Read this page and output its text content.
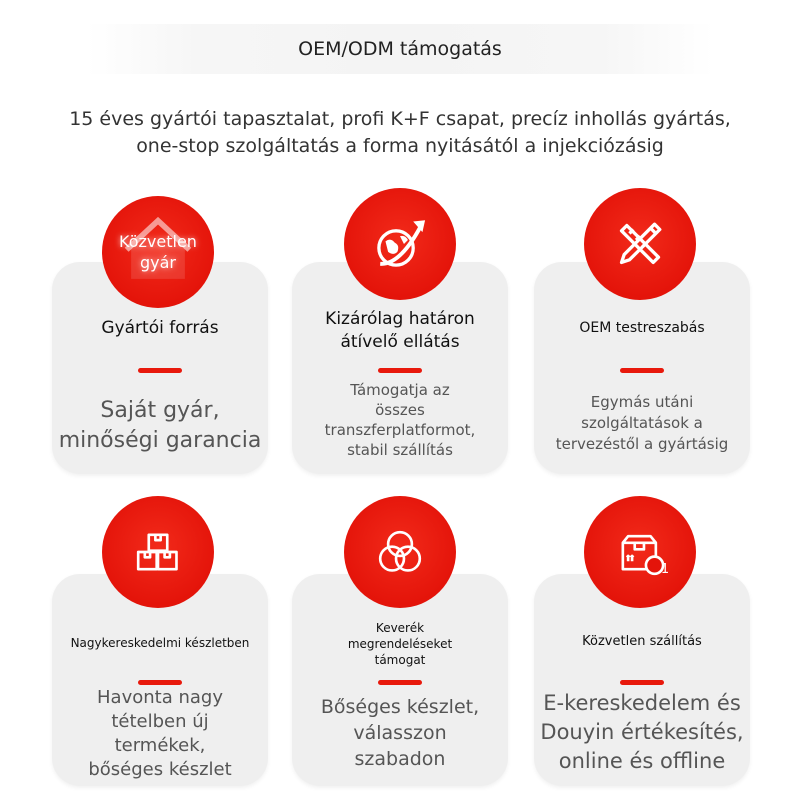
OEM/ODM támogatás
15 éves gyártói tapasztalat, profi K+F csapat, precíz inhollás gyártás,
one-stop szolgáltatás a forma nyitásától a injekciózásig
Közvetlen
gyár
Gyártói forrás
Saját gyár,
minőségi garancia
Kizárólag határon
átívelő ellátás
Támogatja az
összes
transzferplatformot,
stabil szállítás
OEM testreszabás
Egymás utáni
szolgáltatások a
tervezéstől a gyártásig
Nagykereskedelmi készletben
Havonta nagy
tételben új
termékek,
bőséges készlet
Keverék
megrendeléseket
támogat
Bőséges készlet,
válasszon
szabadon
1
Közvetlen szállítás
E-kereskedelem és
Douyin értékesítés,
online és offline
